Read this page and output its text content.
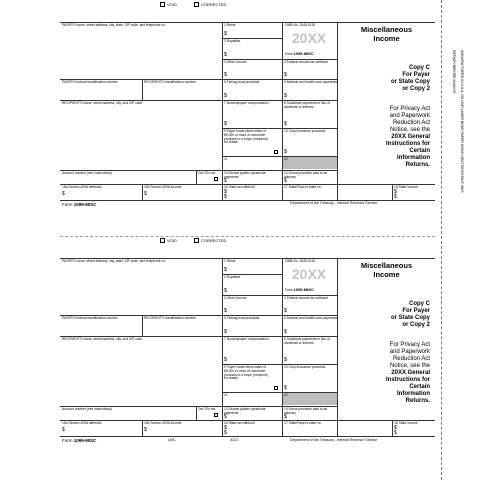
VOID	CORRECTED
PAYER'S name, street address, city, state, ZIP code, and telephone no.
PAYER'S federal identification number	RECIPIENT'S identification number
RECIPIENT'S name, street address, city, and ZIP code
Account number (see instructions)	2nd TIN not.
15a Section 409A deferrals
$
15b Section 409A income
$
1 Rents
$
2 Royalties
$
3 Other income
$
4 Federal income tax withheld
$
5 Fishing boat proceeds
$
6 Medical and health care payments
$
7 Nonemployee compensation
$
8 Substitute payments in lieu of dividends or interest
$
9 Payer made direct sales of $5,000 or more of consumer products to a buyer (recipient) for resale
10 Crop insurance proceeds
$
11	12
13 Excess golden parachute payments
$
14 Gross proceeds paid to an attorney
$
16 State tax withheld
$
$
17 State/Payer's state no.	18 State income
$
$
OMB No. 1545-0115
20XX
Form 1099-MISC
Miscellaneous
Income
Copy C
For Payer
or State Copy
or Copy 2
For Privacy Act
and Paperwork
Reduction Act
Notice, see the
20XX General
Instructions for
Certain
Information
Returns.
Form 1099-MISC	Department of the Treasury - Internal Revenue Service
VOID	CORRECTED
PAYER'S name, street address, city, state, ZIP code, and telephone no.
PAYER'S federal identification number	RECIPIENT'S identification number
RECIPIENT'S name, street address, city, and ZIP code
Account number (see instructions)	2nd TIN not.
15a Section 409A deferrals
$
15b Section 409A income
$
1 Rents
$
2 Royalties
$
3 Other income
$
4 Federal income tax withheld
$
5 Fishing boat proceeds
$
6 Medical and health care payments
$
7 Nonemployee compensation
$
8 Substitute payments in lieu of dividends or interest
$
9 Payer made direct sales of $5,000 or more of consumer products to a buyer (recipient) for resale
10 Crop insurance proceeds
$
11	12
13 Excess golden parachute payments
$
14 Gross proceeds paid to an attorney
$
16 State tax withheld
$
$
17 State/Payer's state no.	18 State income
$
$
OMB No. 1545-0115
20XX
Form 1099-MISC
Miscellaneous
Income
Copy C
For Payer
or State Copy
or Copy 2
For Privacy Act
and Paperwork
Reduction Act
Notice, see the
20XX General
Instructions for
Certain
Information
Returns.
Form 1099-MISC	LMC	5113	Department of the Treasury - Internal Revenue Service
DETACH BEFORE MAILING MANUFACTURED IN U.S.A. ON OUR LASER BOND PAPER USING HEAT RESISTANT INKS
